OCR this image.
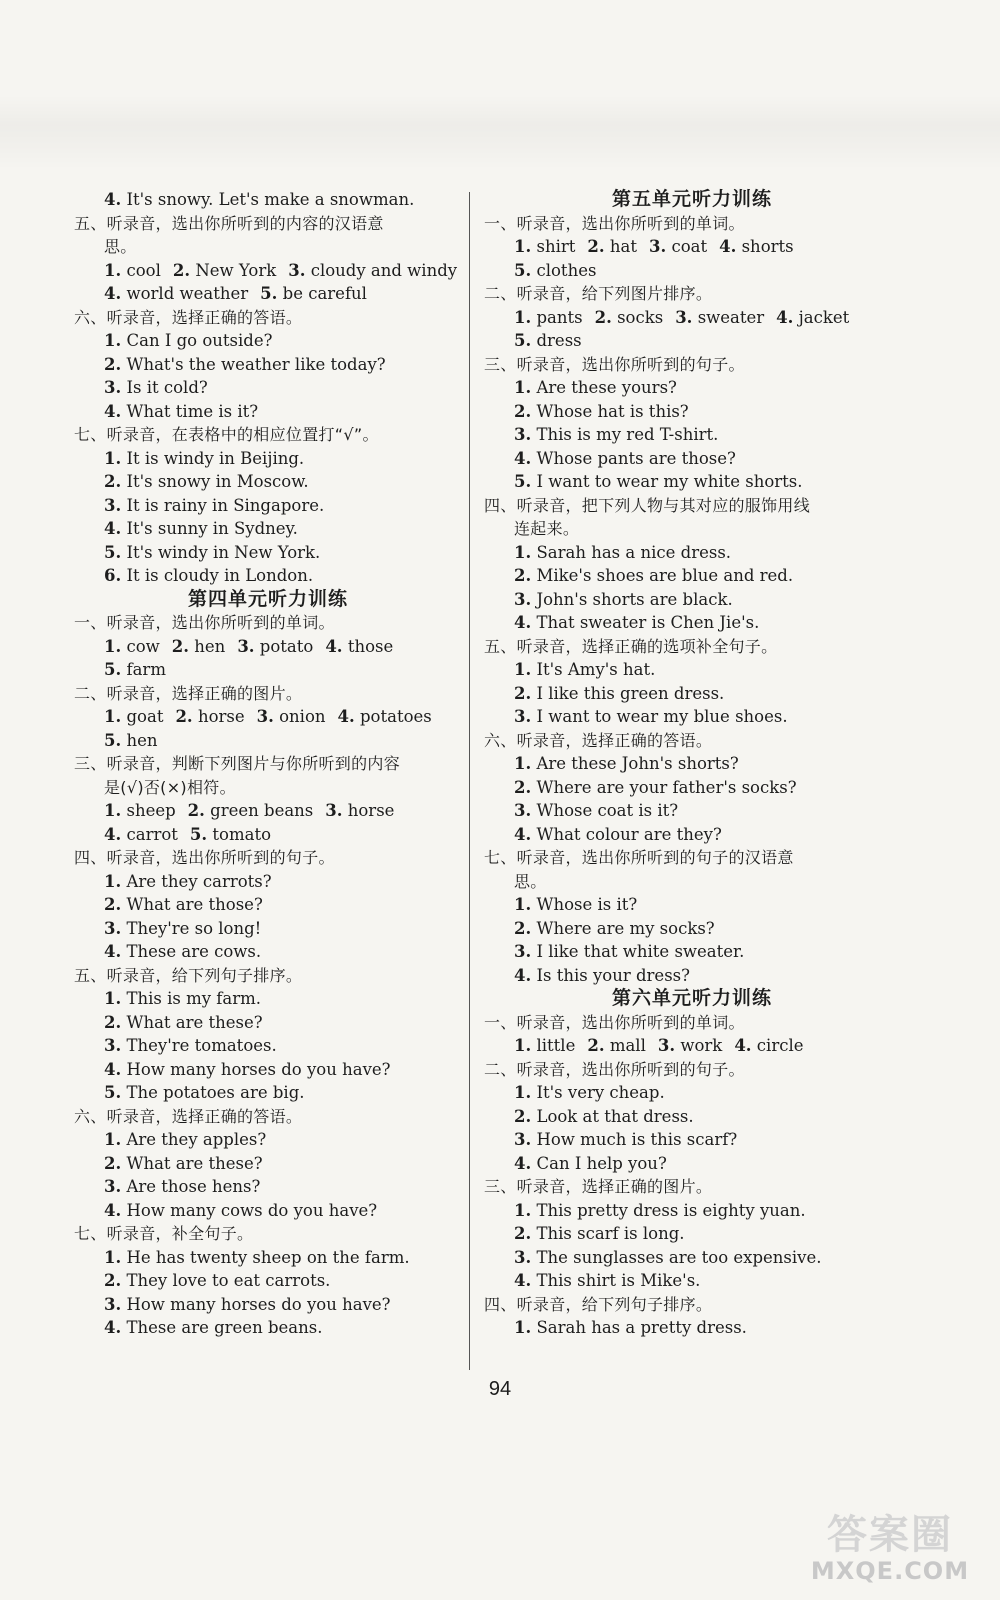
4. It's snowy. Let's make a snowman.
五、听录音，选出你所听到的内容的汉语意
思。
1. cool 2. New York 3. cloudy and windy
4. world weather 5. be careful
六、听录音，选择正确的答语。
1. Can I go outside?
2. What's the weather like today?
3. Is it cold?
4. What time is it?
七、听录音，在表格中的相应位置打“√”。
1. It is windy in Beijing.
2. It's snowy in Moscow.
3. It is rainy in Singapore.
4. It's sunny in Sydney.
5. It's windy in New York.
6. It is cloudy in London.
第四单元听力训练
一、听录音，选出你所听到的单词。
1. cow 2. hen 3. potato 4. those
5. farm
二、听录音，选择正确的图片。
1. goat 2. horse 3. onion 4. potatoes
5. hen
三、听录音，判断下列图片与你所听到的内容
是(√)否(×)相符。
1. sheep 2. green beans 3. horse
4. carrot 5. tomato
四、听录音，选出你所听到的句子。
1. Are they carrots?
2. What are those?
3. They're so long!
4. These are cows.
五、听录音，给下列句子排序。
1. This is my farm.
2. What are these?
3. They're tomatoes.
4. How many horses do you have?
5. The potatoes are big.
六、听录音，选择正确的答语。
1. Are they apples?
2. What are these?
3. Are those hens?
4. How many cows do you have?
七、听录音，补全句子。
1. He has twenty sheep on the farm.
2. They love to eat carrots.
3. How many horses do you have?
4. These are green beans.
第五单元听力训练
一、听录音，选出你所听到的单词。
1. shirt 2. hat 3. coat 4. shorts
5. clothes
二、听录音，给下列图片排序。
1. pants 2. socks 3. sweater 4. jacket
5. dress
三、听录音，选出你所听到的句子。
1. Are these yours?
2. Whose hat is this?
3. This is my red T-shirt.
4. Whose pants are those?
5. I want to wear my white shorts.
四、听录音，把下列人物与其对应的服饰用线
连起来。
1. Sarah has a nice dress.
2. Mike's shoes are blue and red.
3. John's shorts are black.
4. That sweater is Chen Jie's.
五、听录音，选择正确的选项补全句子。
1. It's Amy's hat.
2. I like this green dress.
3. I want to wear my blue shoes.
六、听录音，选择正确的答语。
1. Are these John's shorts?
2. Where are your father's socks?
3. Whose coat is it?
4. What colour are they?
七、听录音，选出你所听到的句子的汉语意
思。
1. Whose is it?
2. Where are my socks?
3. I like that white sweater.
4. Is this your dress?
第六单元听力训练
一、听录音，选出你所听到的单词。
1. little 2. mall 3. work 4. circle
二、听录音，选出你所听到的句子。
1. It's very cheap.
2. Look at that dress.
3. How much is this scarf?
4. Can I help you?
三、听录音，选择正确的图片。
1. This pretty dress is eighty yuan.
2. This scarf is long.
3. The sunglasses are too expensive.
4. This shirt is Mike's.
四、听录音，给下列句子排序。
1. Sarah has a pretty dress.
94
答案圈
MXQE.COM
